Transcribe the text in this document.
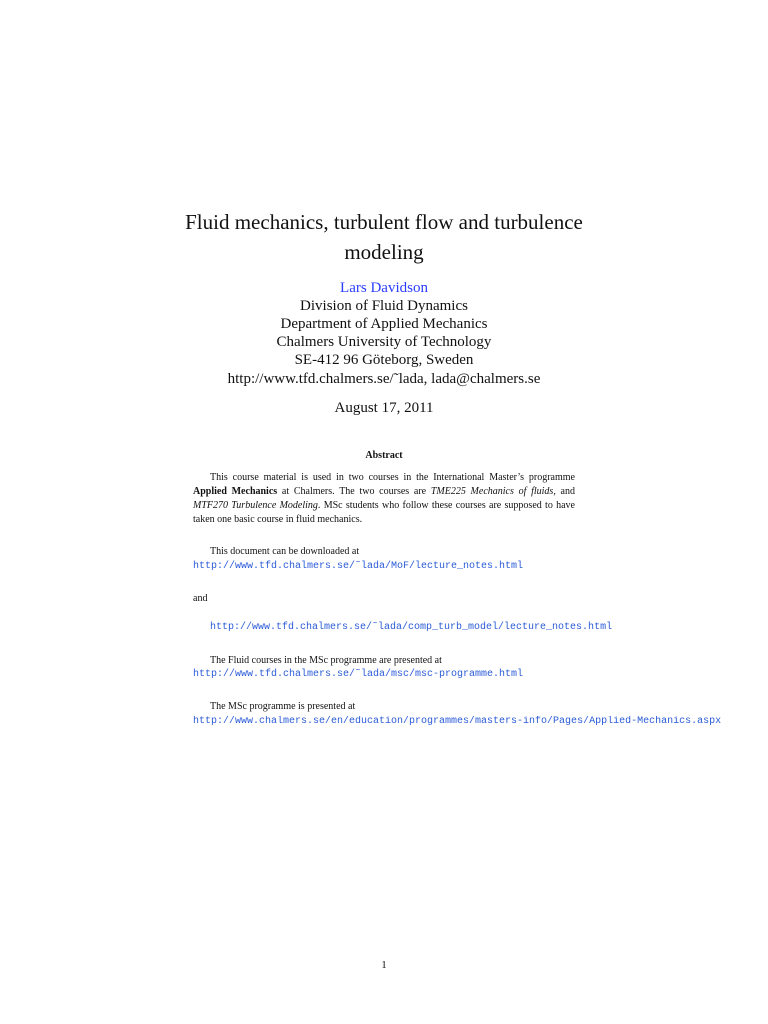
Fluid mechanics, turbulent flow and turbulence
modeling
Lars Davidson
Division of Fluid Dynamics
Department of Applied Mechanics
Chalmers University of Technology
SE-412 96 Göteborg, Sweden
http://www.tfd.chalmers.se/˜lada, lada@chalmers.se
August 17, 2011
Abstract
This course material is used in two courses in the International Master’s programme Applied Mechanics at Chalmers. The two courses are TME225 Mechanics of fluids, and MTF270 Turbulence Modeling. MSc students who follow these courses are supposed to have taken one basic course in fluid mechanics.
This document can be downloaded at
http://www.tfd.chalmers.se/˜lada/MoF/lecture_notes.html
and
http://www.tfd.chalmers.se/˜lada/comp_turb_model/lecture_notes.html
The Fluid courses in the MSc programme are presented at
http://www.tfd.chalmers.se/˜lada/msc/msc-programme.html
The MSc programme is presented at
http://www.chalmers.se/en/education/programmes/masters-info/Pages/Applied-Mechanics.aspx
1
